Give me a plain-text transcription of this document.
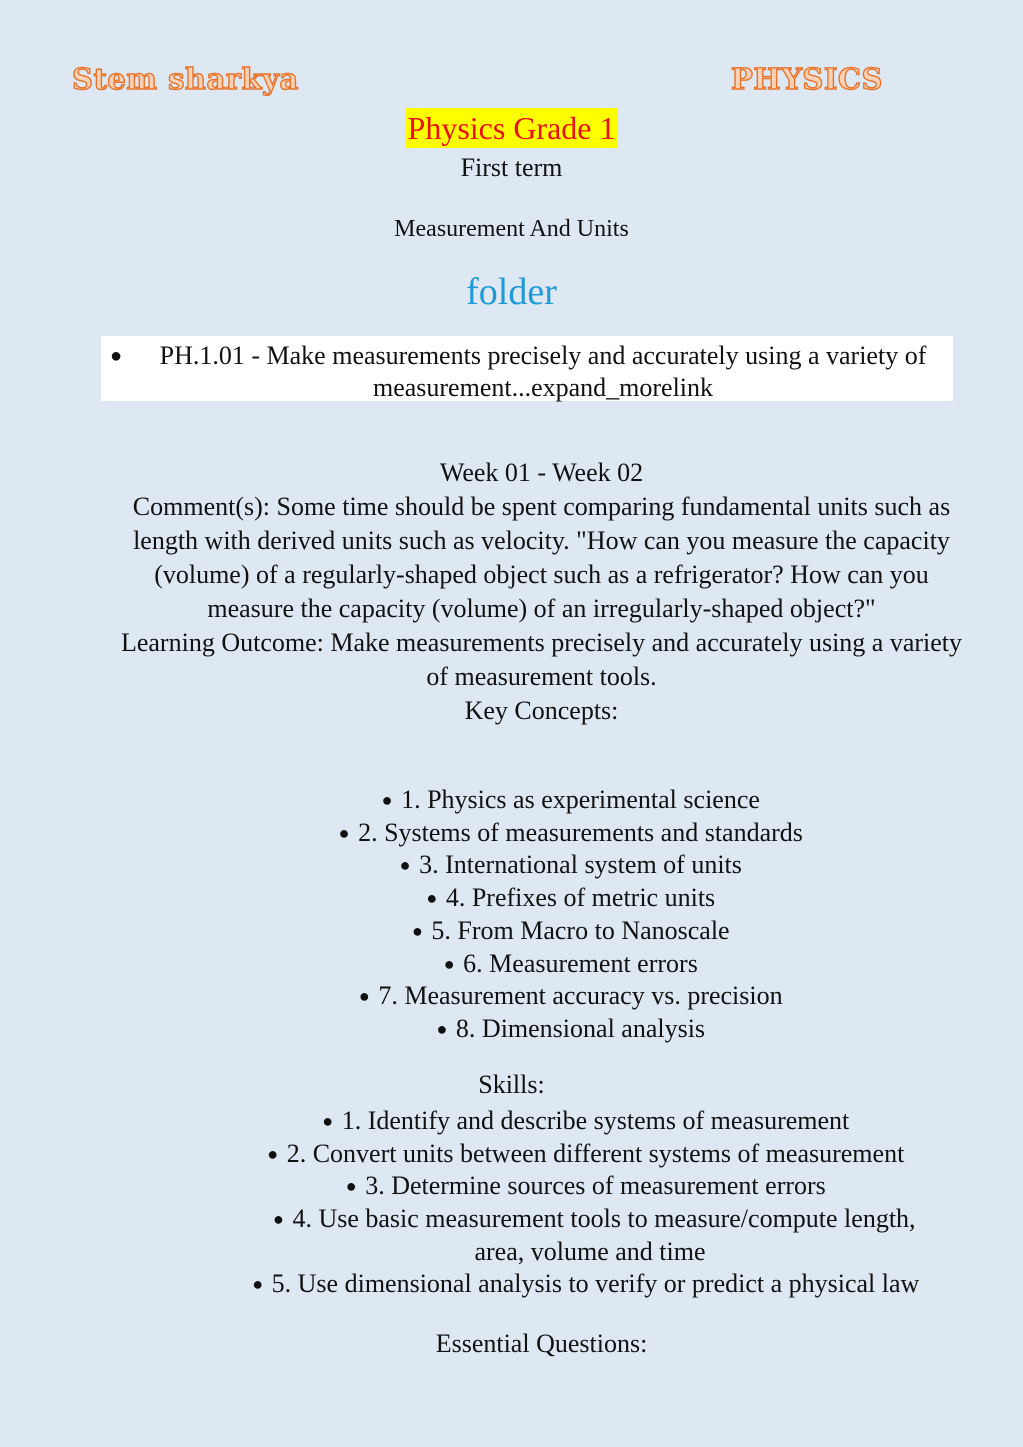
Stem sharkya	PHYSICS
Physics Grade 1
First term
Measurement And Units
folder
●	PH.1.01 - Make measurements precisely and accurately using a variety of measurement...expand_morelink

Week 01 - Week 02

Comment(s): Some time should be spent comparing fundamental units such as length with derived units such as velocity. "How can you measure the capacity (volume) of a regularly-shaped object such as a refrigerator? How can you measure the capacity (volume) of an irregularly-shaped object?"

Learning Outcome: Make measurements precisely and accurately using a variety of measurement tools.

Key Concepts:

● 1. Physics as experimental science
● 2. Systems of measurements and standards
● 3. International system of units
● 4. Prefixes of metric units
● 5. From Macro to Nanoscale
● 6. Measurement errors
● 7. Measurement accuracy vs. precision
● 8. Dimensional analysis
Skills:
● 1. Identify and describe systems of measurement
● 2. Convert units between different systems of measurement
● 3. Determine sources of measurement errors
● 4. Use basic measurement tools to measure/compute length, area, volume and time
● 5. Use dimensional analysis to verify or predict a physical law
Essential Questions:
